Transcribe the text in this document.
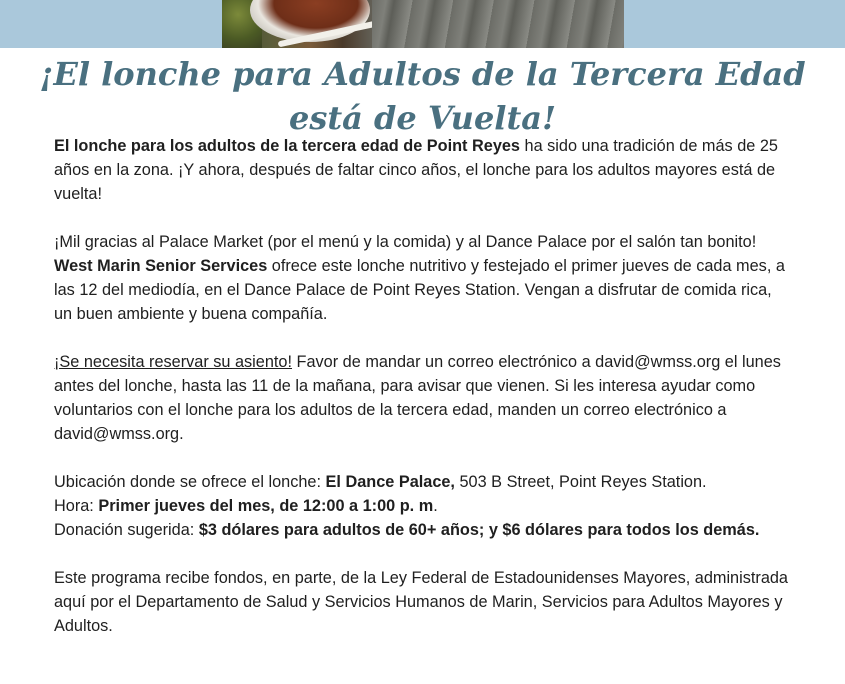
¡El lonche para Adultos de la Tercera Edad
está de Vuelta!

El lonche para los adultos de la tercera edad de Point Reyes ha sido una tradición de más de 25 años en la zona. ¡Y ahora, después de faltar cinco años, el lonche para los adultos mayores está de vuelta!

¡Mil gracias al Palace Market (por el menú y la comida) y al Dance Palace por el salón tan bonito! West Marin Senior Services ofrece este lonche nutritivo y festejado el primer jueves de cada mes, a las 12 del mediodía, en el Dance Palace de Point Reyes Station. Vengan a disfrutar de comida rica, un buen ambiente y buena compañía.

¡Se necesita reservar su asiento! Favor de mandar un correo electrónico a david@wmss.org el lunes antes del lonche, hasta las 11 de la mañana, para avisar que vienen. Si les interesa ayudar como voluntarios con el lonche para los adultos de la tercera edad, manden un correo electrónico a david@wmss.org.

Ubicación donde se ofrece el lonche: El Dance Palace, 503 B Street, Point Reyes Station.
Hora: Primer jueves del mes, de 12:00 a 1:00 p. m.
Donación sugerida: $3 dólares para adultos de 60+ años; y $6 dólares para todos los demás.

Este programa recibe fondos, en parte, de la Ley Federal de Estadounidenses Mayores, administrada aquí por el Departamento de Salud y Servicios Humanos de Marin, Servicios para Adultos Mayores y Adultos.
